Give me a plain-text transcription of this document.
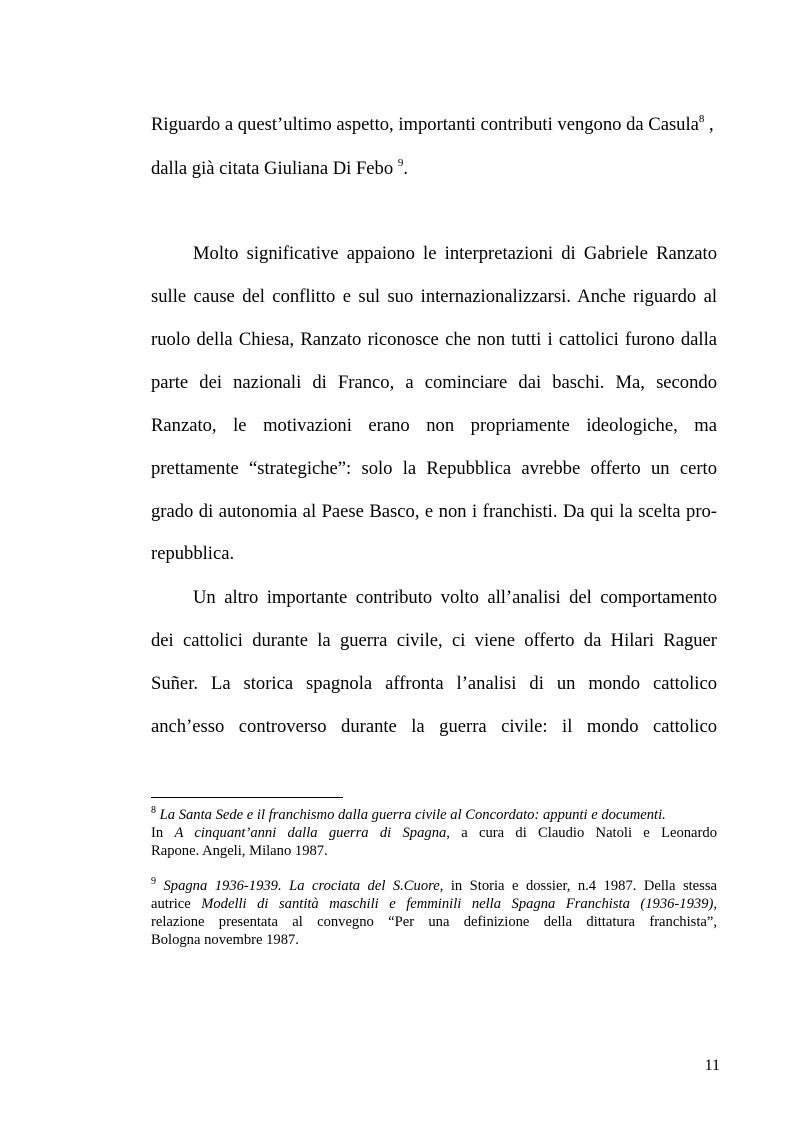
Riguardo a quest’ultimo aspetto, importanti contributi vengono da Casula$^8$ ,
dalla già citata Giuliana Di Febo $^9$.
Molto significative appaiono le interpretazioni di Gabriele Ranzato
sulle cause del conflitto e sul suo internazionalizzarsi. Anche riguardo al
ruolo della Chiesa, Ranzato riconosce che non tutti i cattolici furono dalla
parte dei nazionali di Franco, a cominciare dai baschi. Ma, secondo
Ranzato, le motivazioni erano non propriamente ideologiche, ma
prettamente “strategiche”: solo la Repubblica avrebbe offerto un certo
grado di autonomia al Paese Basco, e non i franchisti. Da qui la scelta pro-
repubblica.
Un altro importante contributo volto all’analisi del comportamento
dei cattolici durante la guerra civile, ci viene offerto da Hilari Raguer
Suñer. La storica spagnola affronta l’analisi di un mondo cattolico
anch’esso controverso durante la guerra civile: il mondo cattolico
$^8$ La Santa Sede e il franchismo dalla guerra civile al Concordato: appunti e documenti.
In A cinquant’anni dalla guerra di Spagna, a cura di Claudio Natoli e Leonardo
Rapone. Angeli, Milano 1987.
$^9$ Spagna 1936-1939. La crociata del S.Cuore, in Storia e dossier, n.4 1987. Della stessa
autrice Modelli di santità maschili e femminili nella Spagna Franchista (1936-1939),
relazione presentata al convegno “Per una definizione della dittatura franchista”,
Bologna novembre 1987.
11
